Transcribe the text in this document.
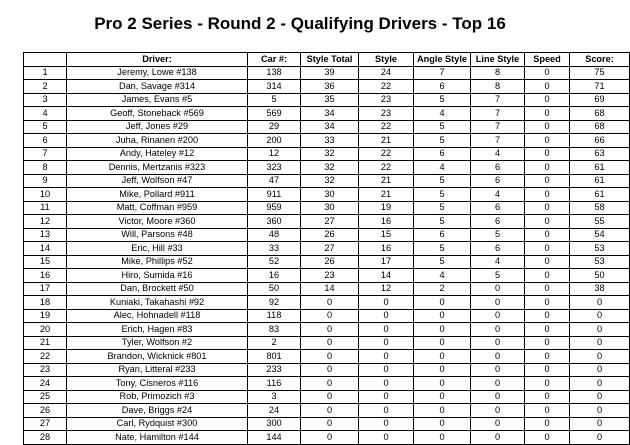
Pro 2 Series - Round 2 - Qualifying Drivers - Top 16
	Driver:	Car #:	Style Total	Style	Angle Style	Line Style	Speed	Score:
1	Jeremy, Lowe #138	138	39	24	7	8	0	75
2	Dan, Savage #314	314	36	22	6	8	0	71
3	James, Evans #5	5	35	23	5	7	0	69
4	Geoff, Stoneback #569	569	34	23	4	7	0	68
5	Jeff, Jones #29	29	34	22	5	7	0	68
6	Juha, Rinanen #200	200	33	21	5	7	0	66
7	Andy, Hateley #12	12	32	22	6	4	0	63
8	Dennis, Mertzanis #323	323	32	22	4	6	0	61
9	Jeff, Wolfson #47	47	32	21	5	6	0	61
10	Mike, Pollard #911	911	30	21	5	4	0	61
11	Matt, Coffman #959	959	30	19	5	6	0	58
12	Victor, Moore #360	360	27	16	5	6	0	55
13	Will, Parsons #48	48	26	15	6	5	0	54
14	Eric, Hill #33	33	27	16	5	6	0	53
15	Mike, Phillips #52	52	26	17	5	4	0	53
16	Hiro, Sumida #16	16	23	14	4	5	0	50
17	Dan, Brockett #50	50	14	12	2	0	0	38
18	Kuniaki, Takahashi #92	92	0	0	0	0	0	0
19	Alec, Hohnadell #118	118	0	0	0	0	0	0
20	Erich, Hagen #83	83	0	0	0	0	0	0
21	Tyler, Wolfson #2	2	0	0	0	0	0	0
22	Brandon, Wicknick #801	801	0	0	0	0	0	0
23	Ryan, Litteral #233	233	0	0	0	0	0	0
24	Tony, Cisneros #116	116	0	0	0	0	0	0
25	Rob, Primozich #3	3	0	0	0	0	0	0
26	Dave, Briggs #24	24	0	0	0	0	0	0
27	Carl, Rydquist #300	300	0	0	0	0	0	0
28	Nate, Hamilton #144	144	0	0	0	0	0	0
